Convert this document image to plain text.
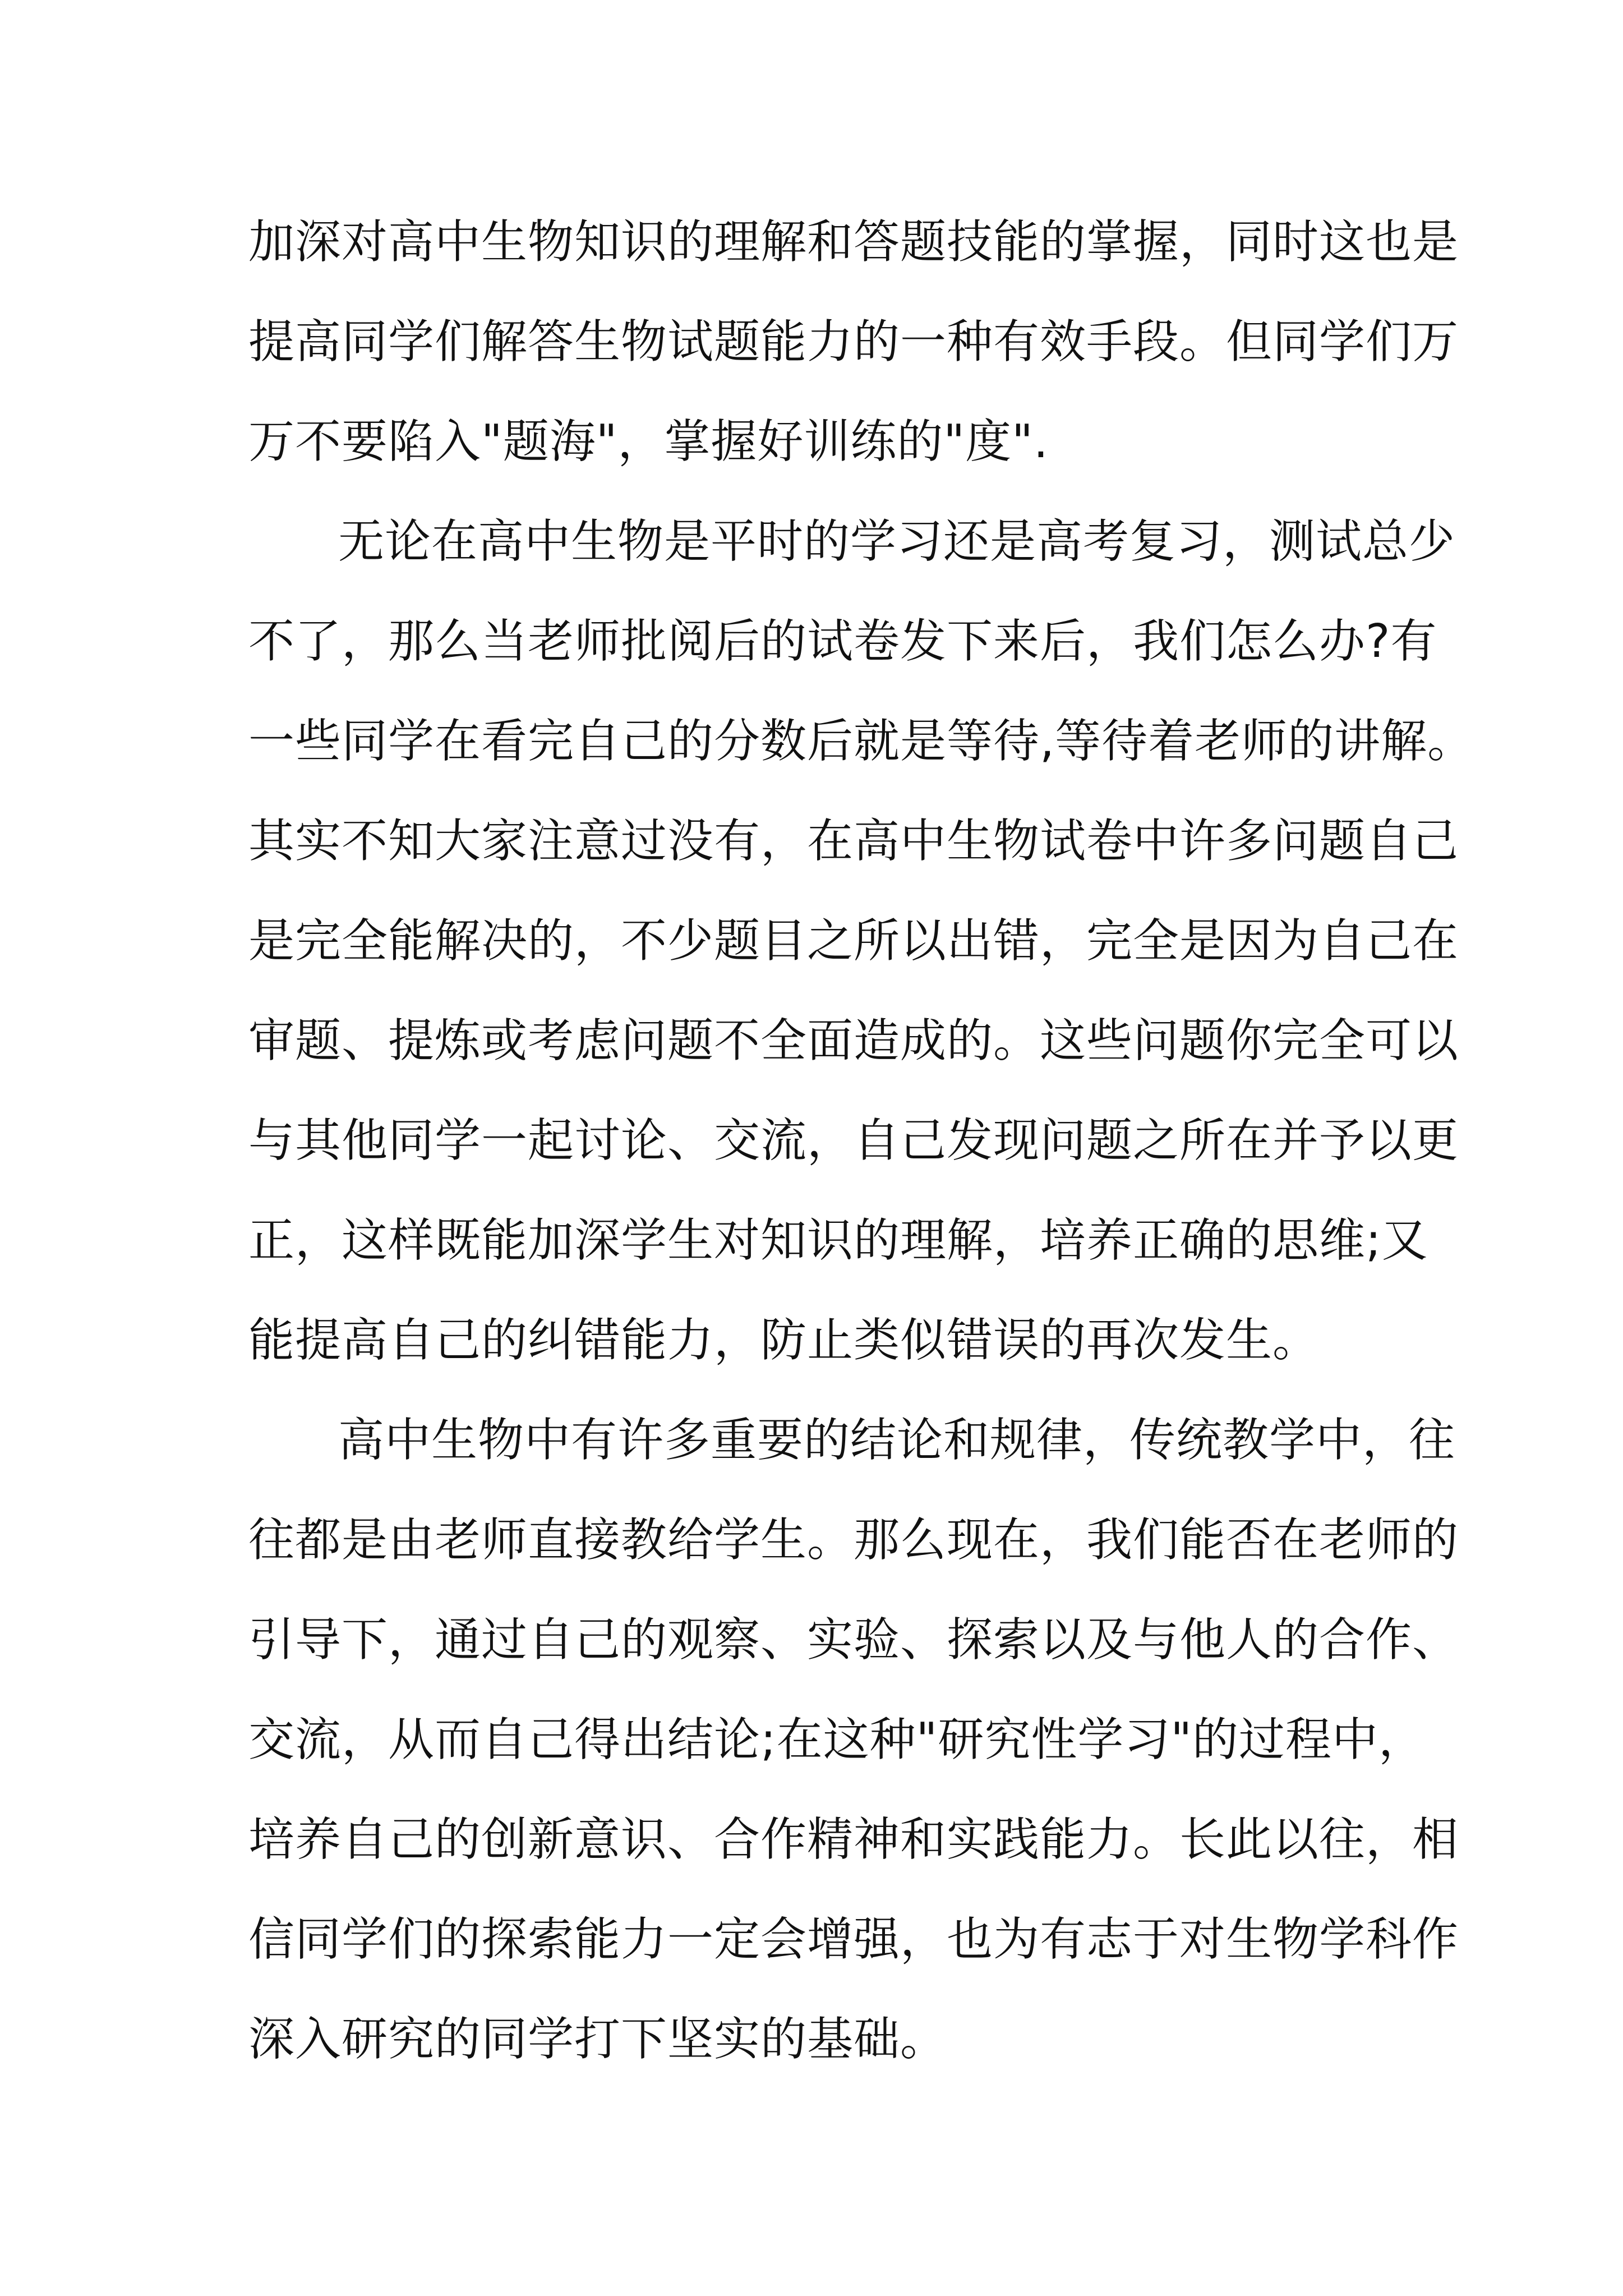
加深对高中生物知识的理解和答题技能的掌握，同时这也是
提高同学们解答生物试题能力的一种有效手段。但同学们万
万不要陷入"题海"，掌握好训练的"度".
无论在高中生物是平时的学习还是高考复习，测试总少
不了，那么当老师批阅后的试卷发下来后，我们怎么办?有
一些同学在看完自己的分数后就是等待,等待着老师的讲解。
其实不知大家注意过没有，在高中生物试卷中许多问题自己
是完全能解决的，不少题目之所以出错，完全是因为自己在
审题、提炼或考虑问题不全面造成的。这些问题你完全可以
与其他同学一起讨论、交流，自己发现问题之所在并予以更
正，这样既能加深学生对知识的理解，培养正确的思维;又
能提高自己的纠错能力，防止类似错误的再次发生。
高中生物中有许多重要的结论和规律，传统教学中，往
往都是由老师直接教给学生。那么现在，我们能否在老师的
引导下，通过自己的观察、实验、探索以及与他人的合作、
交流，从而自己得出结论;在这种"研究性学习"的过程中，
培养自己的创新意识、合作精神和实践能力。长此以往，相
信同学们的探索能力一定会增强，也为有志于对生物学科作
深入研究的同学打下坚实的基础。
